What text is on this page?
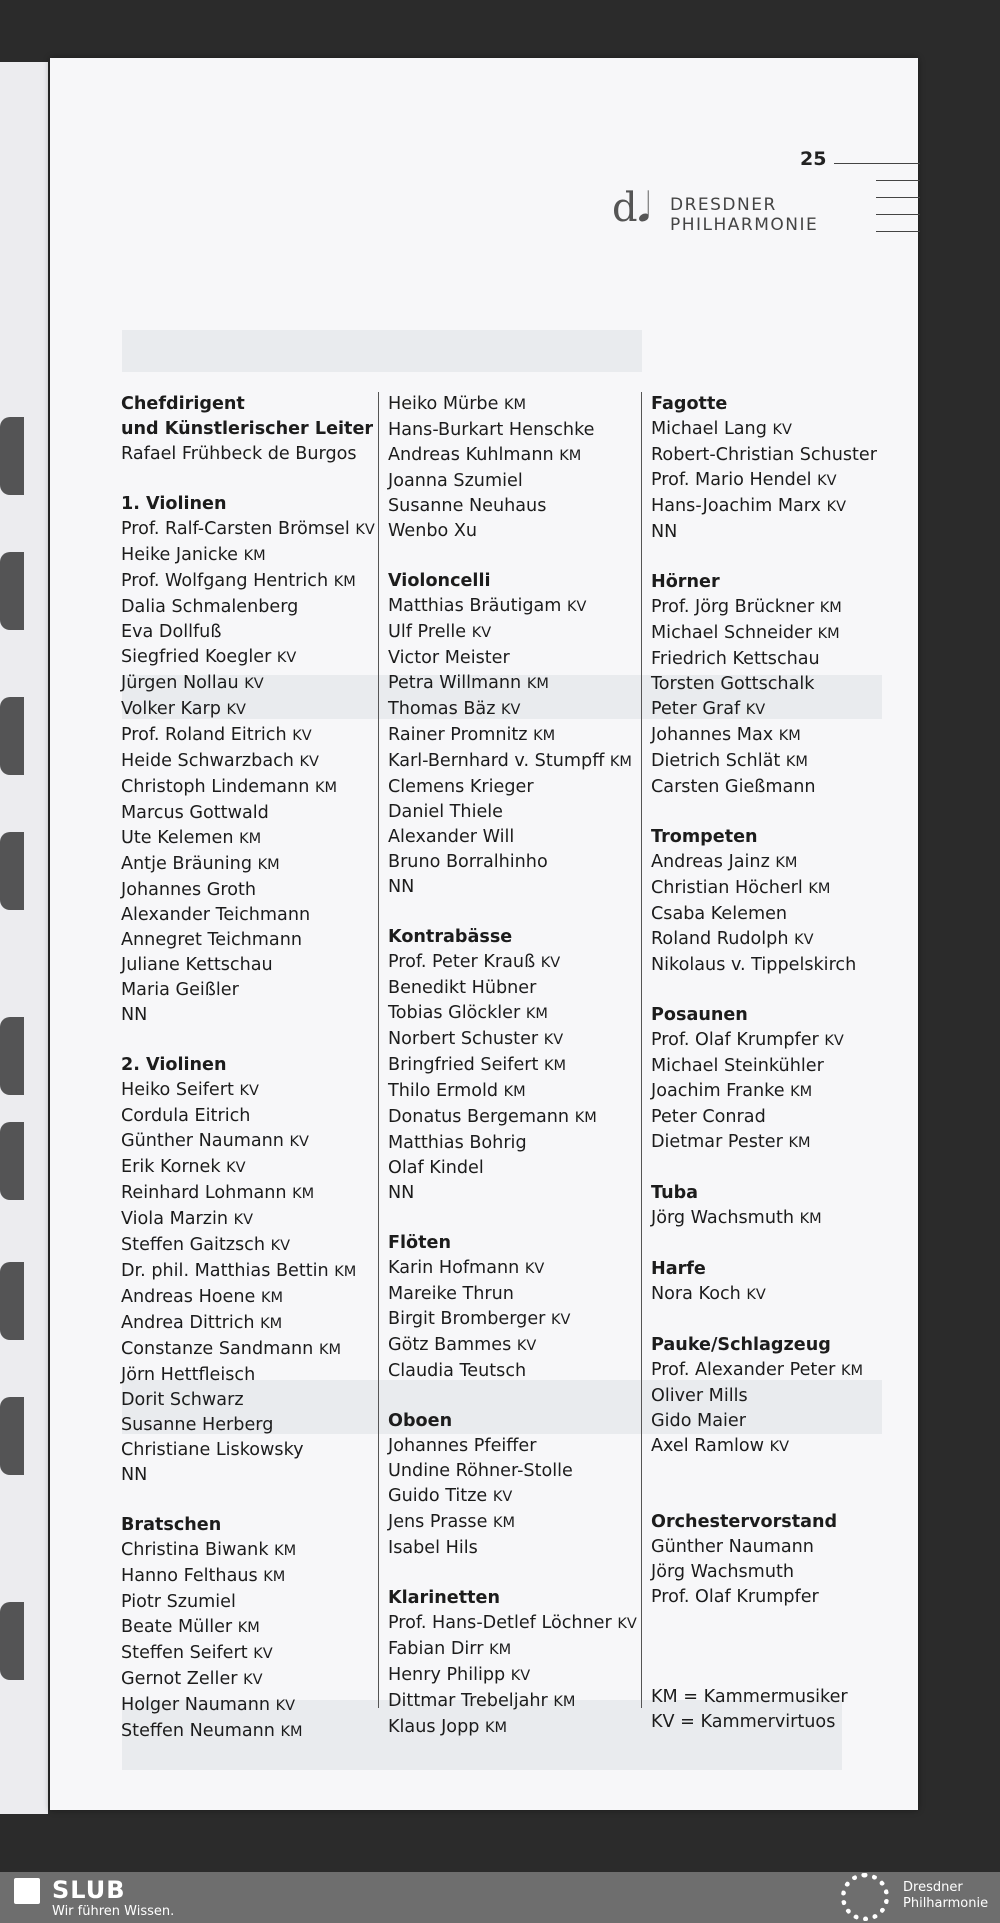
25
d𝅘𝅥 DRESDNER
PHILHARMONIE
Chefdirigent
und Künstlerischer Leiter
Rafael Frühbeck de Burgos
1. Violinen
Prof. Ralf-Carsten Brömsel KV
Heike Janicke KM
Prof. Wolfgang Hentrich KM
Dalia Schmalenberg
Eva Dollfuß
Siegfried Koegler KV
Jürgen Nollau KV
Volker Karp KV
Prof. Roland Eitrich KV
Heide Schwarzbach KV
Christoph Lindemann KM
Marcus Gottwald
Ute Kelemen KM
Antje Bräuning KM
Johannes Groth
Alexander Teichmann
Annegret Teichmann
Juliane Kettschau
Maria Geißler
NN
2. Violinen
Heiko Seifert KV
Cordula Eitrich
Günther Naumann KV
Erik Kornek KV
Reinhard Lohmann KM
Viola Marzin KV
Steffen Gaitzsch KV
Dr. phil. Matthias Bettin KM
Andreas Hoene KM
Andrea Dittrich KM
Constanze Sandmann KM
Jörn Hettfleisch
Dorit Schwarz
Susanne Herberg
Christiane Liskowsky
NN
Bratschen
Christina Biwank KM
Hanno Felthaus KM
Piotr Szumiel
Beate Müller KM
Steffen Seifert KV
Gernot Zeller KV
Holger Naumann KV
Steffen Neumann KM
Heiko Mürbe KM
Hans-Burkart Henschke
Andreas Kuhlmann KM
Joanna Szumiel
Susanne Neuhaus
Wenbo Xu
Violoncelli
Matthias Bräutigam KV
Ulf Prelle KV
Victor Meister
Petra Willmann KM
Thomas Bäz KV
Rainer Promnitz KM
Karl-Bernhard v. Stumpff KM
Clemens Krieger
Daniel Thiele
Alexander Will
Bruno Borralhinho
NN
Kontrabässe
Prof. Peter Krauß KV
Benedikt Hübner
Tobias Glöckler KM
Norbert Schuster KV
Bringfried Seifert KM
Thilo Ermold KM
Donatus Bergemann KM
Matthias Bohrig
Olaf Kindel
NN
Flöten
Karin Hofmann KV
Mareike Thrun
Birgit Bromberger KV
Götz Bammes KV
Claudia Teutsch
Oboen
Johannes Pfeiffer
Undine Röhner-Stolle
Guido Titze KV
Jens Prasse KM
Isabel Hils
Klarinetten
Prof. Hans-Detlef Löchner KV
Fabian Dirr KM
Henry Philipp KV
Dittmar Trebeljahr KM
Klaus Jopp KM
Fagotte
Michael Lang KV
Robert-Christian Schuster
Prof. Mario Hendel KV
Hans-Joachim Marx KV
NN
Hörner
Prof. Jörg Brückner KM
Michael Schneider KM
Friedrich Kettschau
Torsten Gottschalk
Peter Graf KV
Johannes Max KM
Dietrich Schlät KM
Carsten Gießmann
Trompeten
Andreas Jainz KM
Christian Höcherl KM
Csaba Kelemen
Roland Rudolph KV
Nikolaus v. Tippelskirch
Posaunen
Prof. Olaf Krumpfer KV
Michael Steinkühler
Joachim Franke KM
Peter Conrad
Dietmar Pester KM
Tuba
Jörg Wachsmuth KM
Harfe
Nora Koch KV
Pauke/Schlagzeug
Prof. Alexander Peter KM
Oliver Mills
Gido Maier
Axel Ramlow KV
Orchestervorstand
Günther Naumann
Jörg Wachsmuth
Prof. Olaf Krumpfer
KM = Kammermusiker
KV = Kammervirtuos
SLUB
Wir führen Wissen.
Dresdner
Philharmonie
